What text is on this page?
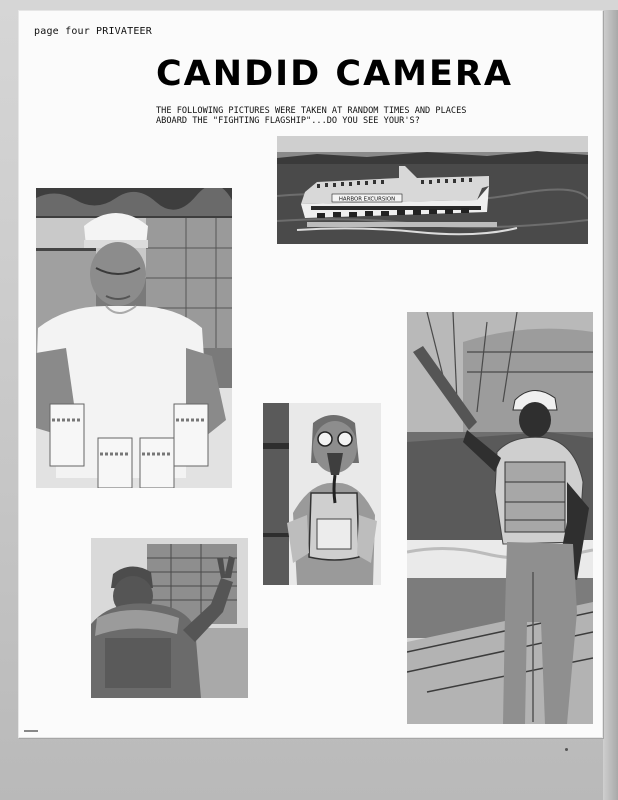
page four PRIVATEER
CANDID CAMERA
THE FOLLOWING PICTURES WERE TAKEN AT RANDOM TIMES AND PLACES
ABOARD THE "FIGHTING FLAGSHIP"...DO YOU SEE YOUR'S?
HARBOR EXCURSION
